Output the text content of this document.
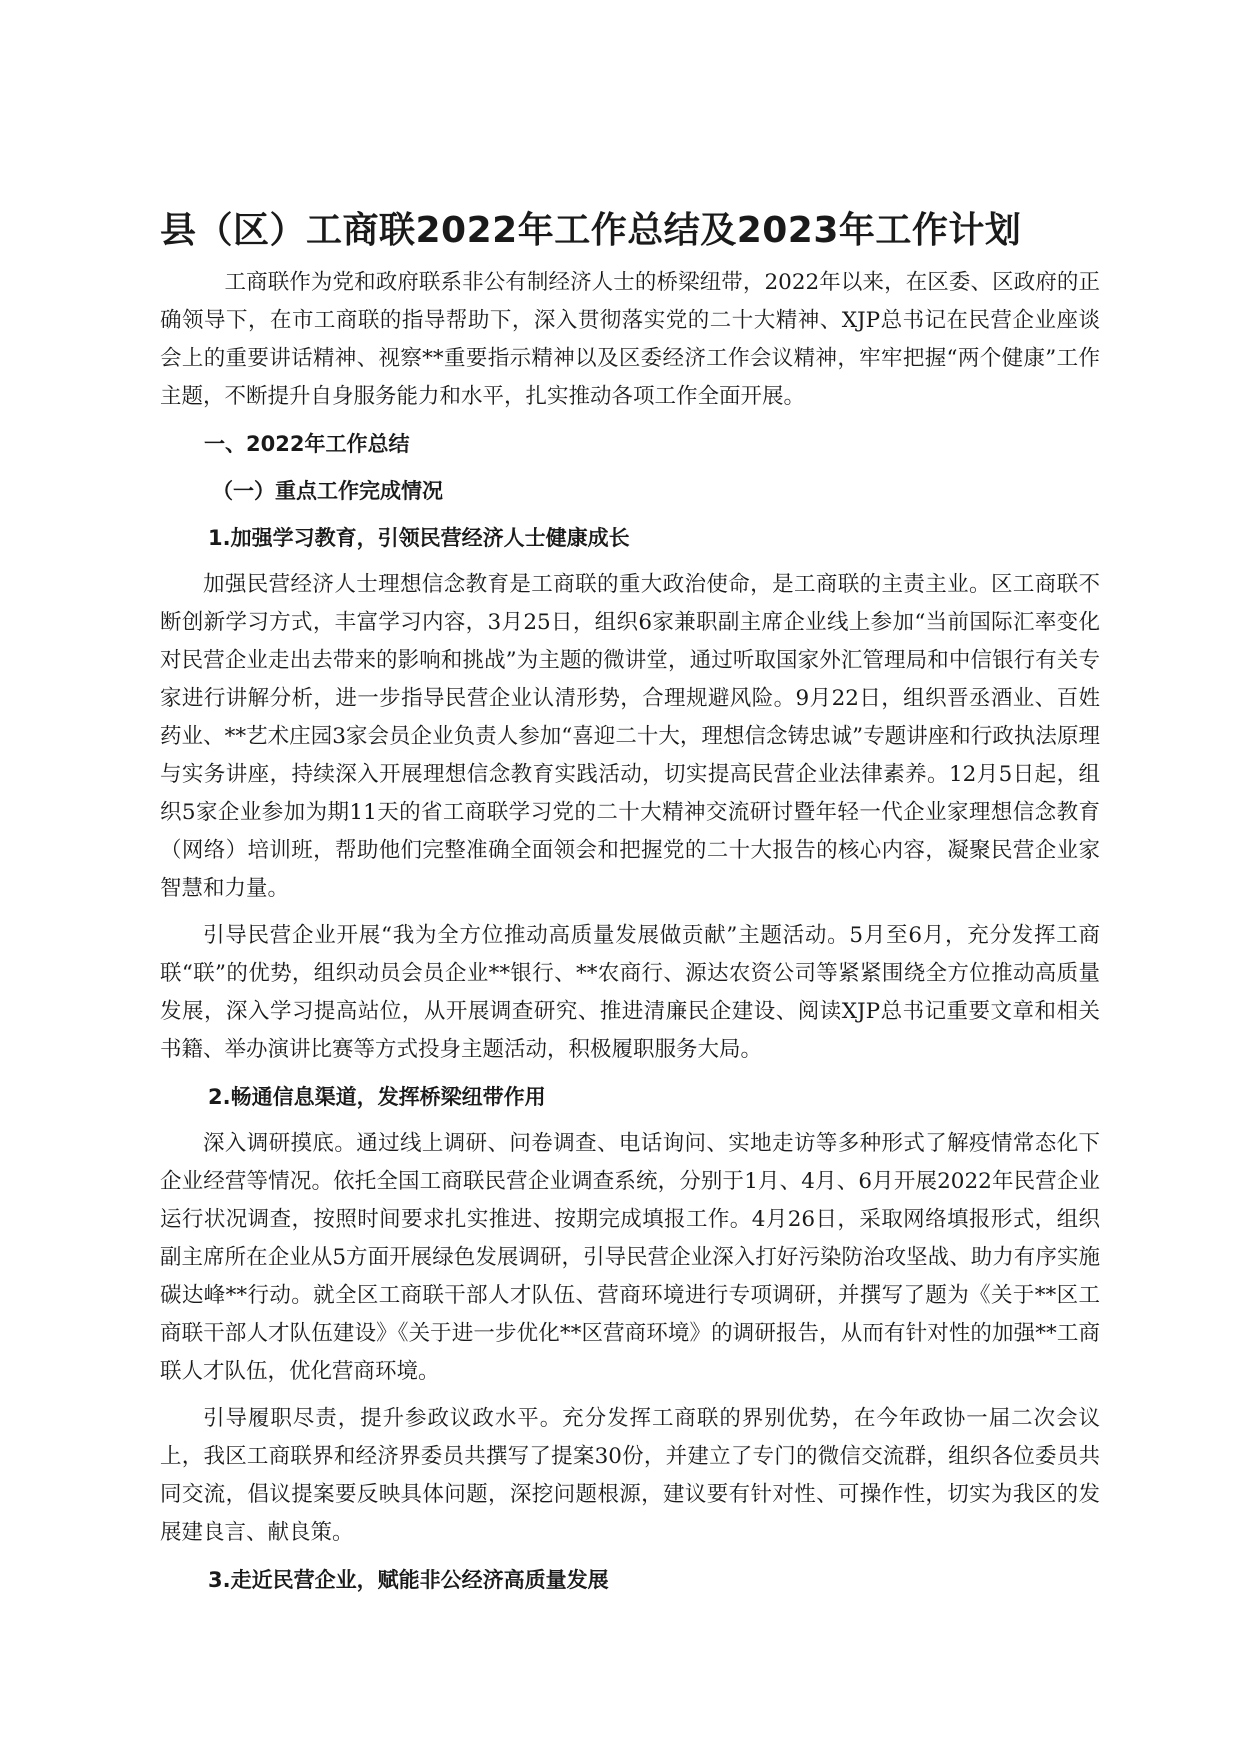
县（区）工商联2022年工作总结及2023年工作计划

工商联作为党和政府联系非公有制经济人士的桥梁纽带，2022年以来，在区委、区政府的正确领导下，在市工商联的指导帮助下，深入贯彻落实党的二十大精神、XJP总书记在民营企业座谈会上的重要讲话精神、视察**重要指示精神以及区委经济工作会议精神，牢牢把握“两个健康”工作主题，不断提升自身服务能力和水平，扎实推动各项工作全面开展。

一、2022年工作总结
（一）重点工作完成情况
1.加强学习教育，引领民营经济人士健康成长

加强民营经济人士理想信念教育是工商联的重大政治使命，是工商联的主责主业。区工商联不断创新学习方式，丰富学习内容，3月25日，组织6家兼职副主席企业线上参加“当前国际汇率变化对民营企业走出去带来的影响和挑战”为主题的微讲堂，通过听取国家外汇管理局和中信银行有关专家进行讲解分析，进一步指导民营企业认清形势，合理规避风险。9月22日，组织晋丞酒业、百姓药业、**艺术庄园3家会员企业负责人参加“喜迎二十大，理想信念铸忠诚”专题讲座和行政执法原理与实务讲座，持续深入开展理想信念教育实践活动，切实提高民营企业法律素养。12月5日起，组织5家企业参加为期11天的省工商联学习党的二十大精神交流研讨暨年轻一代企业家理想信念教育（网络）培训班，帮助他们完整准确全面领会和把握党的二十大报告的核心内容，凝聚民营企业家智慧和力量。

引导民营企业开展“我为全方位推动高质量发展做贡献”主题活动。5月至6月，充分发挥工商联“联”的优势，组织动员会员企业**银行、**农商行、源达农资公司等紧紧围绕全方位推动高质量发展，深入学习提高站位，从开展调查研究、推进清廉民企建设、阅读XJP总书记重要文章和相关书籍、举办演讲比赛等方式投身主题活动，积极履职服务大局。

2.畅通信息渠道，发挥桥梁纽带作用

深入调研摸底。通过线上调研、问卷调查、电话询问、实地走访等多种形式了解疫情常态化下企业经营等情况。依托全国工商联民营企业调查系统，分别于1月、4月、6月开展2022年民营企业运行状况调查，按照时间要求扎实推进、按期完成填报工作。4月26日，采取网络填报形式，组织副主席所在企业从5方面开展绿色发展调研，引导民营企业深入打好污染防治攻坚战、助力有序实施碳达峰**行动。就全区工商联干部人才队伍、营商环境进行专项调研，并撰写了题为《关于**区工商联干部人才队伍建设》《关于进一步优化**区营商环境》的调研报告，从而有针对性的加强**工商联人才队伍，优化营商环境。

引导履职尽责，提升参政议政水平。充分发挥工商联的界别优势，在今年政协一届二次会议上，我区工商联界和经济界委员共撰写了提案30份，并建立了专门的微信交流群，组织各位委员共同交流，倡议提案要反映具体问题，深挖问题根源，建议要有针对性、可操作性，切实为我区的发展建良言、献良策。

3.走近民营企业，赋能非公经济高质量发展
